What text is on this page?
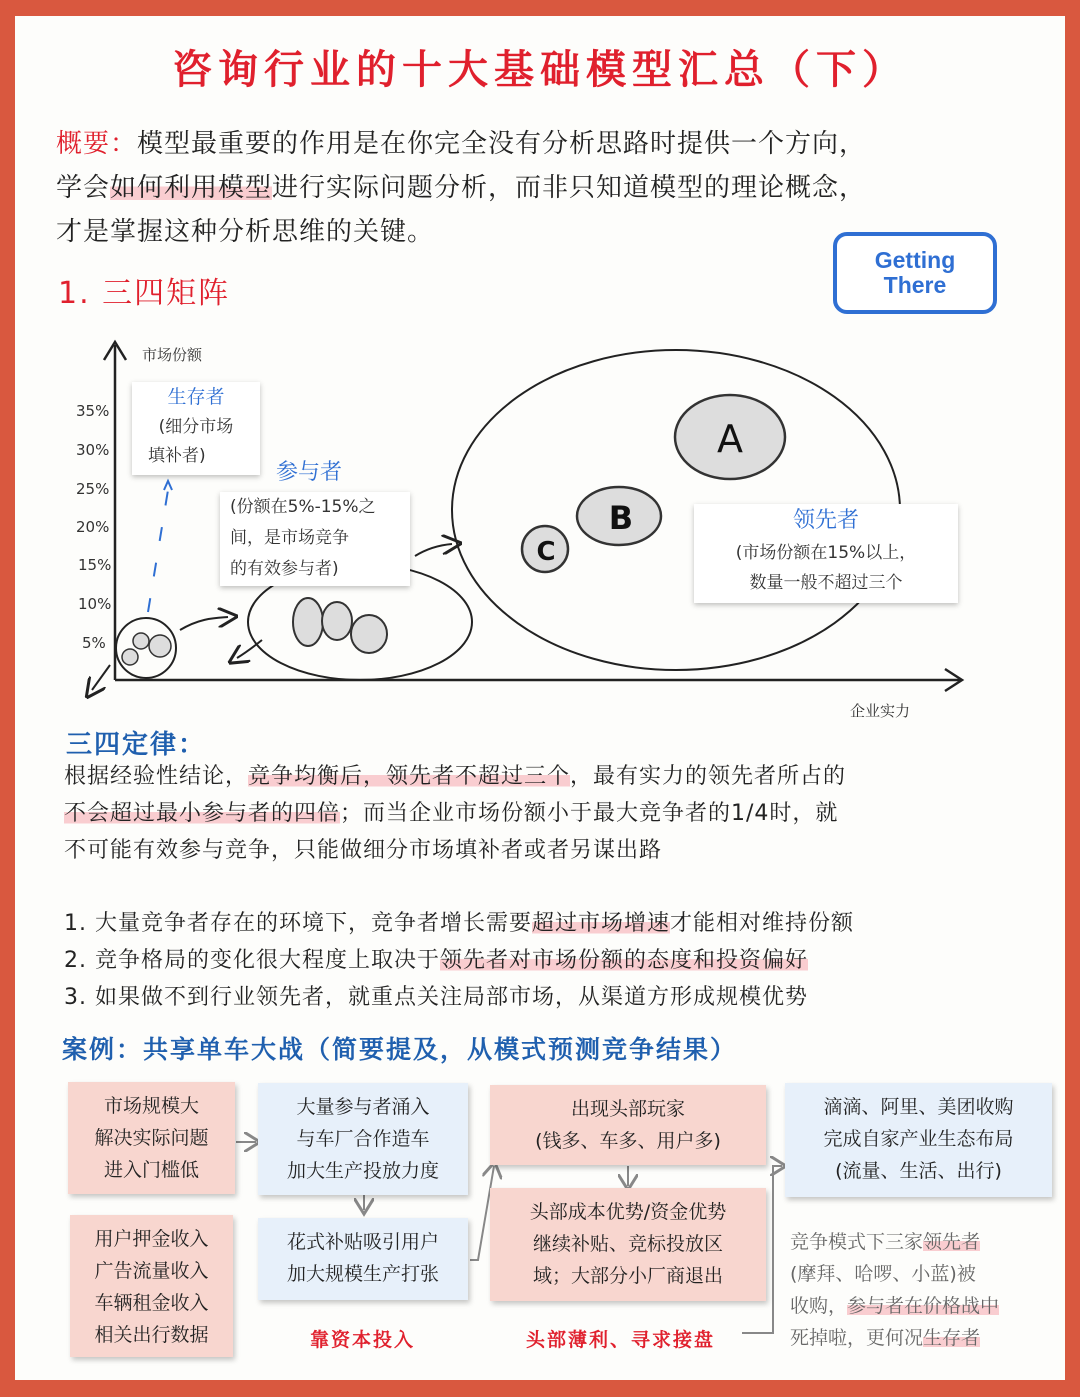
咨询行业的十大基础模型汇总（下）
概要：模型最重要的作用是在你完全没有分析思路时提供一个方向，
学会如何利用模型进行实际问题分析，而非只知道模型的理论概念，
才是掌握这种分析思维的关键。
Getting
There
1. 三四矩阵
市场份额
企业实力
35%
30%
25%
20%
15%
10%
5%
A
B
C
生存者
(细分市场
填补者)
参与者
(份额在5%-15%之
间，是市场竞争
的有效参与者)
领先者
(市场份额在15%以上，
数量一般不超过三个
三四定律：
根据经验性结论，竞争均衡后，领先者不超过三个，最有实力的领先者所占的
不会超过最小参与者的四倍；而当企业市场份额小于最大竞争者的1/4时，就
不可能有效参与竞争，只能做细分市场填补者或者另谋出路
1. 大量竞争者存在的环境下，竞争者增长需要超过市场增速才能相对维持份额
2. 竞争格局的变化很大程度上取决于领先者对市场份额的态度和投资偏好
3. 如果做不到行业领先者，就重点关注局部市场，从渠道方形成规模优势
案例：共享单车大战（简要提及，从模式预测竞争结果）
市场规模大
解决实际问题
进入门槛低
用户押金收入
广告流量收入
车辆租金收入
相关出行数据
大量参与者涌入
与车厂合作造车
加大生产投放力度
花式补贴吸引用户
加大规模生产打张
靠资本投入
出现头部玩家
(钱多、车多、用户多)
头部成本优势/资金优势
继续补贴、竞标投放区
域；大部分小厂商退出
头部薄利、寻求接盘
滴滴、阿里、美团收购
完成自家产业生态布局
(流量、生活、出行)
竞争模式下三家领先者
(摩拜、哈啰、小蓝)被
收购，参与者在价格战中
死掉啦，更何况生存者
